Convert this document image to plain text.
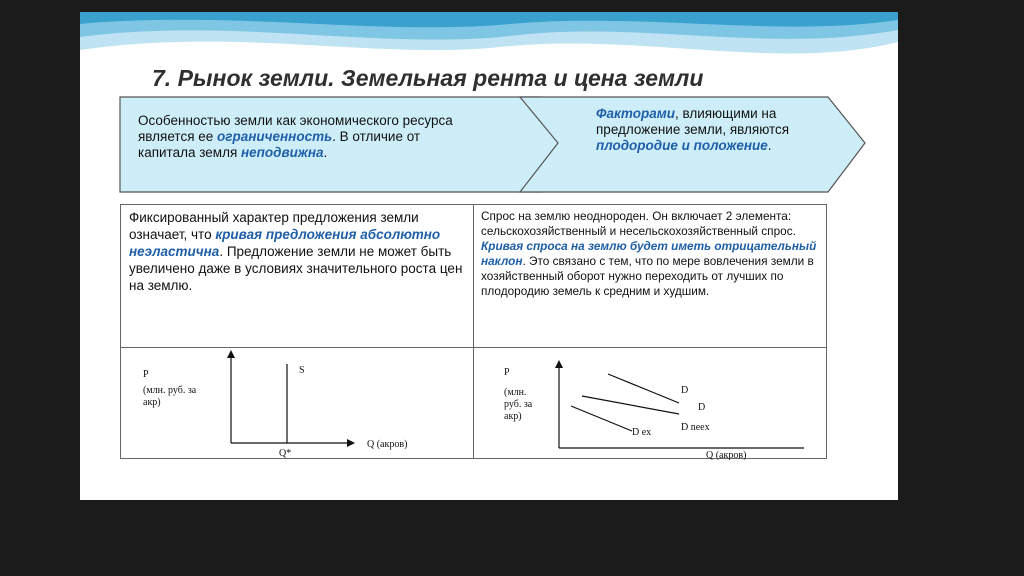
7. Рынок земли. Земельная рента и цена земли
Особенностью земли как экономического ресурса является ее ограниченность. В отличие от капитала земля неподвижна.
Факторами, влияющими на предложение земли, являются плодородие и положение.
Фиксированный характер предложения земли означает, что кривая предложения абсолютно неэластична. Предложение земли не может быть увеличено даже в условиях значительного роста цен на землю.
Спрос на землю неоднороден. Он включает 2 элемента: сельскохозяйственный и несельскохозяйственный спрос. Кривая спроса на землю будет иметь отрицательный наклон. Это связано с тем, что по мере вовлечения земли в хозяйственный оборот нужно переходить от лучших по плодородию земель к средним и худшим.
P
(млн. руб. за
акр)
S
Q*
Q (акров)
P
(млн.
руб. за
акр)
D
D
D ex	D neex
Q (акров)
